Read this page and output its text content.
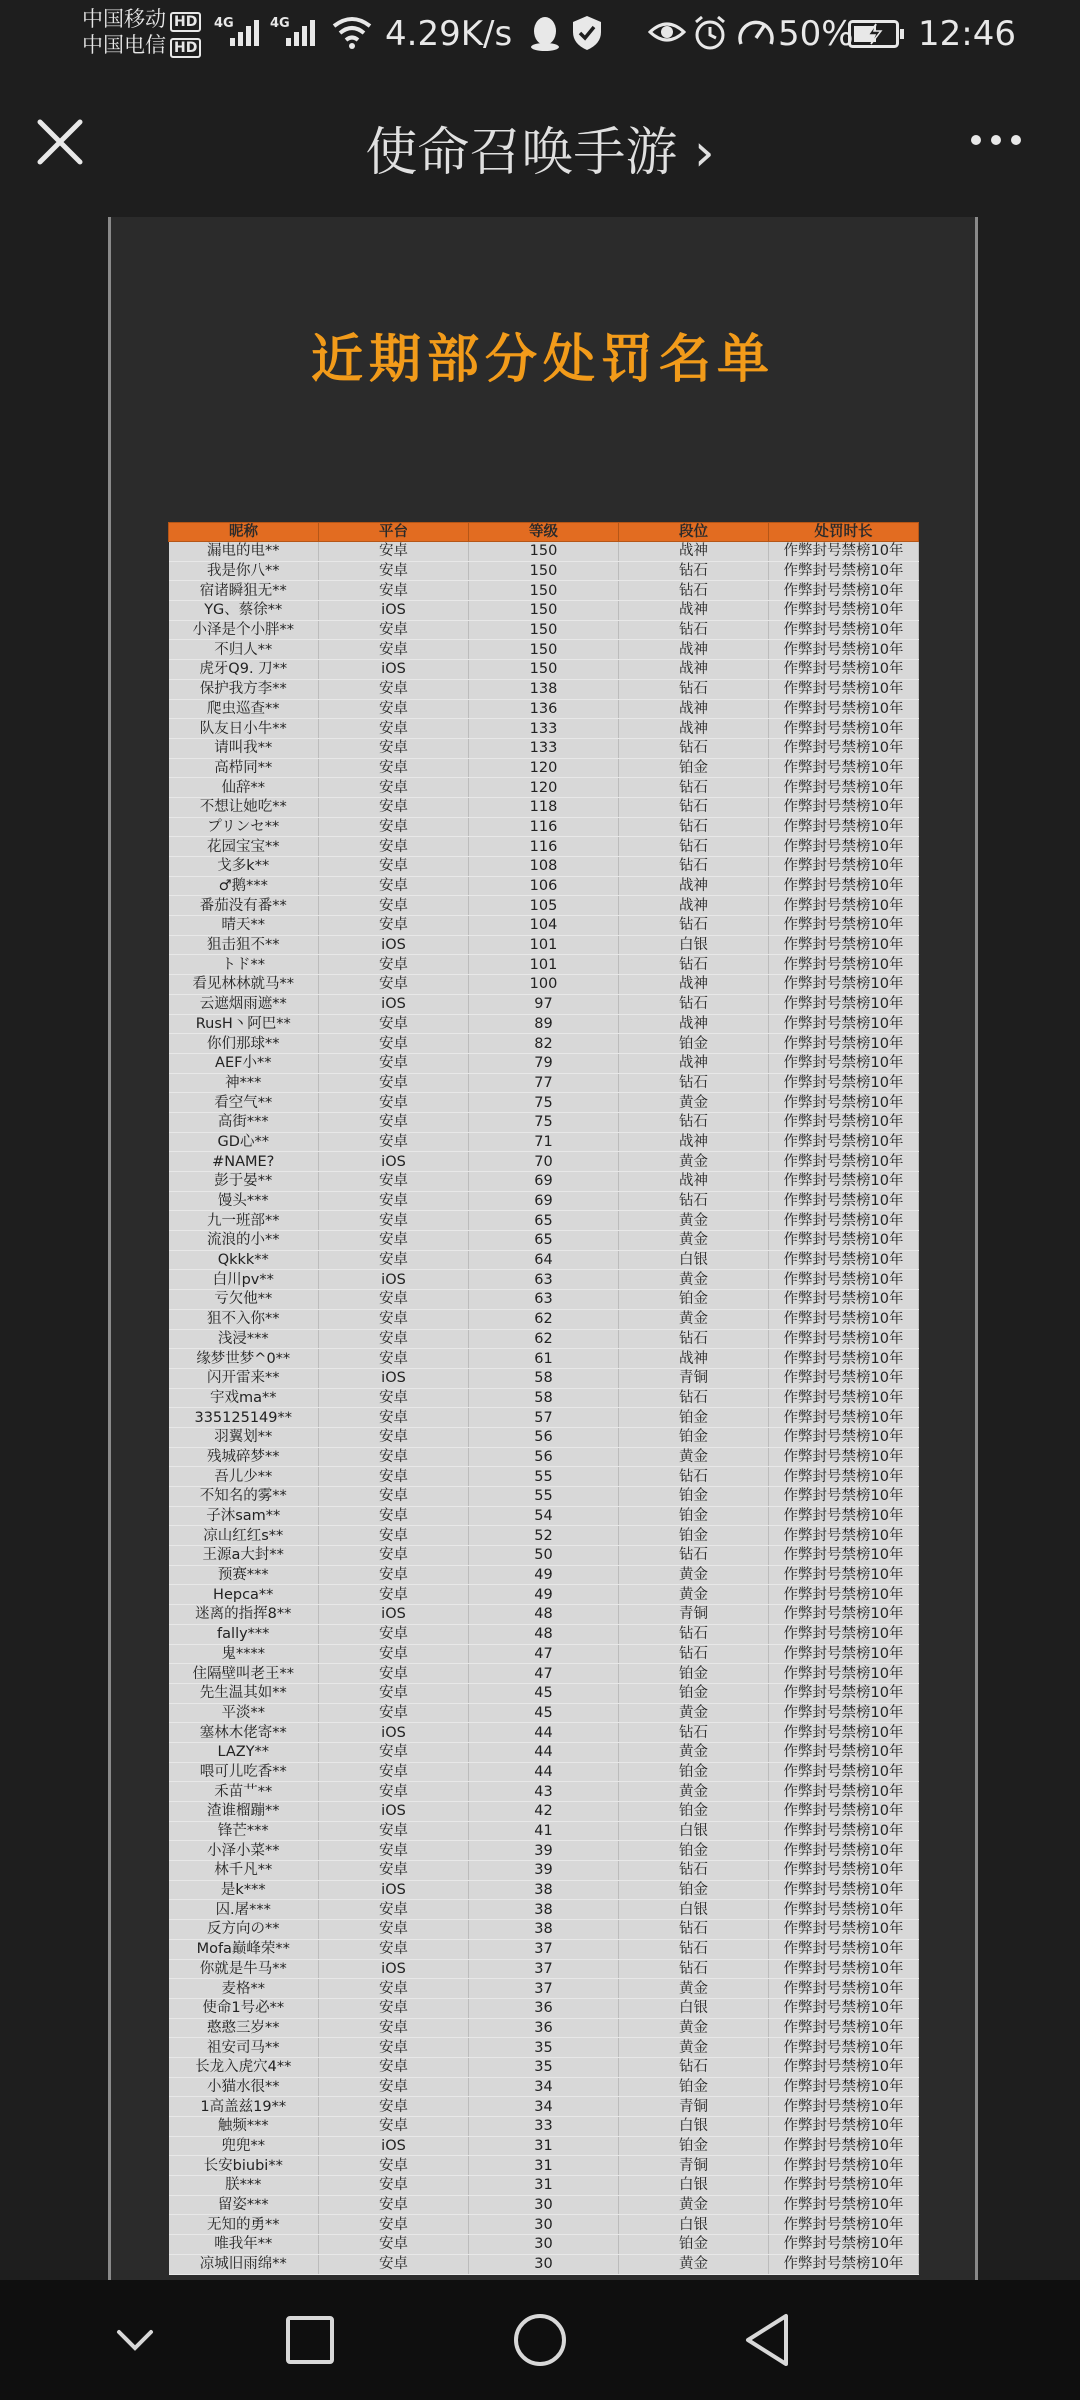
中国移动 HD
中国电信 HD
4G	4G	4.29K/s	50% 12:46
使命召唤手游 ›
近期部分处罚名单
昵称	平台	等级	段位	处罚时长
漏电的电**	安卓	150	战神	作弊封号禁榜10年
我是你八**	安卓	150	钻石	作弊封号禁榜10年
宿诸瞬狙无**	安卓	150	钻石	作弊封号禁榜10年
YG、蔡徐**	iOS	150	战神	作弊封号禁榜10年
小泽是个小胖**	安卓	150	钻石	作弊封号禁榜10年
不归人**	安卓	150	战神	作弊封号禁榜10年
虎牙Q9. 刀**	iOS	150	战神	作弊封号禁榜10年
保护我方李**	安卓	138	钻石	作弊封号禁榜10年
爬虫巡查**	安卓	136	战神	作弊封号禁榜10年
队友日小牛**	安卓	133	战神	作弊封号禁榜10年
请叫我**	安卓	133	钻石	作弊封号禁榜10年
高栉同**	安卓	120	铂金	作弊封号禁榜10年
仙辞**	安卓	120	钻石	作弊封号禁榜10年
不想让她吃**	安卓	118	钻石	作弊封号禁榜10年
プリンセ**	安卓	116	钻石	作弊封号禁榜10年
花园宝宝**	安卓	116	钻石	作弊封号禁榜10年
戈多k**	安卓	108	钻石	作弊封号禁榜10年
♂鹅***	安卓	106	战神	作弊封号禁榜10年
番茄没有番**	安卓	105	战神	作弊封号禁榜10年
晴天**	安卓	104	钻石	作弊封号禁榜10年
狙击狙不**	iOS	101	白银	作弊封号禁榜10年
トド**	安卓	101	钻石	作弊封号禁榜10年
看见林林就马**	安卓	100	战神	作弊封号禁榜10年
云遮烟雨遮**	iOS	97	钻石	作弊封号禁榜10年
RusH丶阿巴**	安卓	89	战神	作弊封号禁榜10年
你们那球**	安卓	82	铂金	作弊封号禁榜10年
AEF小**	安卓	79	战神	作弊封号禁榜10年
神***	安卓	77	钻石	作弊封号禁榜10年
看空气**	安卓	75	黄金	作弊封号禁榜10年
高街***	安卓	75	钻石	作弊封号禁榜10年
GD心**	安卓	71	战神	作弊封号禁榜10年
#NAME?	iOS	70	黄金	作弊封号禁榜10年
彭于晏**	安卓	69	战神	作弊封号禁榜10年
馒头***	安卓	69	钻石	作弊封号禁榜10年
九一班部**	安卓	65	黄金	作弊封号禁榜10年
流浪的小**	安卓	65	黄金	作弊封号禁榜10年
Qkkk**	安卓	64	白银	作弊封号禁榜10年
白川pv**	iOS	63	黄金	作弊封号禁榜10年
亏欠他**	安卓	63	铂金	作弊封号禁榜10年
狙不入你**	安卓	62	黄金	作弊封号禁榜10年
浅浸***	安卓	62	钻石	作弊封号禁榜10年
缘梦世梦^0**	安卓	61	战神	作弊封号禁榜10年
闪开雷来**	iOS	58	青铜	作弊封号禁榜10年
宇戏ma**	安卓	58	钻石	作弊封号禁榜10年
335125149**	安卓	57	铂金	作弊封号禁榜10年
羽翼划**	安卓	56	铂金	作弊封号禁榜10年
残城碎梦**	安卓	56	黄金	作弊封号禁榜10年
吾儿少**	安卓	55	钻石	作弊封号禁榜10年
不知名的雾**	安卓	55	铂金	作弊封号禁榜10年
子沐sam**	安卓	54	铂金	作弊封号禁榜10年
凉山红红s**	安卓	52	铂金	作弊封号禁榜10年
王源a大封**	安卓	50	钻石	作弊封号禁榜10年
预赛***	安卓	49	黄金	作弊封号禁榜10年
Hepca**	安卓	49	黄金	作弊封号禁榜10年
迷离的指挥8**	iOS	48	青铜	作弊封号禁榜10年
fally***	安卓	48	钻石	作弊封号禁榜10年
鬼****	安卓	47	钻石	作弊封号禁榜10年
住隔壁叫老王**	安卓	47	铂金	作弊封号禁榜10年
先生温其如**	安卓	45	铂金	作弊封号禁榜10年
平淡**	安卓	45	黄金	作弊封号禁榜10年
塞林木佬寄**	iOS	44	钻石	作弊封号禁榜10年
LAZY**	安卓	44	黄金	作弊封号禁榜10年
喂可儿吃香**	安卓	44	铂金	作弊封号禁榜10年
禾苗艹**	安卓	43	黄金	作弊封号禁榜10年
渣谁榴蹦**	iOS	42	铂金	作弊封号禁榜10年
锋芒***	安卓	41	白银	作弊封号禁榜10年
小泽小菜**	安卓	39	铂金	作弊封号禁榜10年
林千凡**	安卓	39	钻石	作弊封号禁榜10年
是k***	iOS	38	铂金	作弊封号禁榜10年
囚.屠***	安卓	38	白银	作弊封号禁榜10年
反方向の**	安卓	38	钻石	作弊封号禁榜10年
Mofa巅峰荣**	安卓	37	钻石	作弊封号禁榜10年
你就是牛马**	iOS	37	钻石	作弊封号禁榜10年
麦格**	安卓	37	黄金	作弊封号禁榜10年
使命1号必**	安卓	36	白银	作弊封号禁榜10年
憨憨三岁**	安卓	36	黄金	作弊封号禁榜10年
祖安司马**	安卓	35	黄金	作弊封号禁榜10年
长龙入虎穴4**	安卓	35	钻石	作弊封号禁榜10年
小猫水很**	安卓	34	铂金	作弊封号禁榜10年
1高盖兹19**	安卓	34	青铜	作弊封号禁榜10年
触频***	安卓	33	白银	作弊封号禁榜10年
兜兜**	iOS	31	铂金	作弊封号禁榜10年
长安biubi**	安卓	31	青铜	作弊封号禁榜10年
朕***	安卓	31	白银	作弊封号禁榜10年
留姿***	安卓	30	黄金	作弊封号禁榜10年
无知的勇**	安卓	30	白银	作弊封号禁榜10年
唯我年**	安卓	30	铂金	作弊封号禁榜10年
凉城旧雨绵**	安卓	30	黄金	作弊封号禁榜10年
